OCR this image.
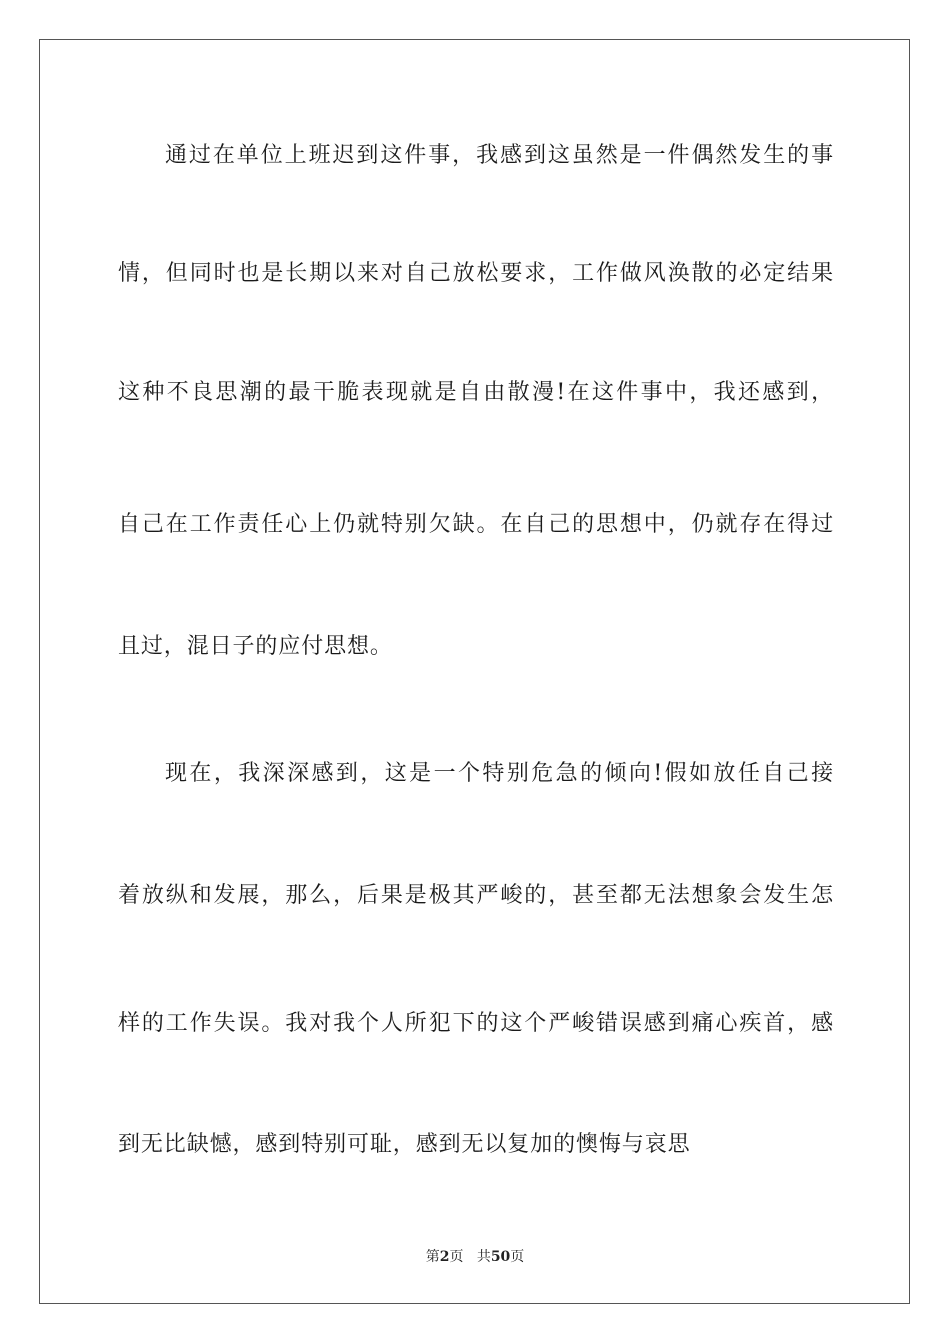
通过在单位上班迟到这件事，我感到这虽然是一件偶然发生的事
情，但同时也是长期以来对自己放松要求，工作做风涣散的必定结果
这种不良思潮的最干脆表现就是自由散漫!在这件事中，我还感到，
自己在工作责任心上仍就特别欠缺。在自己的思想中，仍就存在得过
且过，混日子的应付思想。
现在，我深深感到，这是一个特别危急的倾向!假如放任自己接
着放纵和发展，那么，后果是极其严峻的，甚至都无法想象会发生怎
样的工作失误。我对我个人所犯下的这个严峻错误感到痛心疾首，感
到无比缺憾，感到特别可耻，感到无以复加的懊悔与哀思
第2页 共50页
